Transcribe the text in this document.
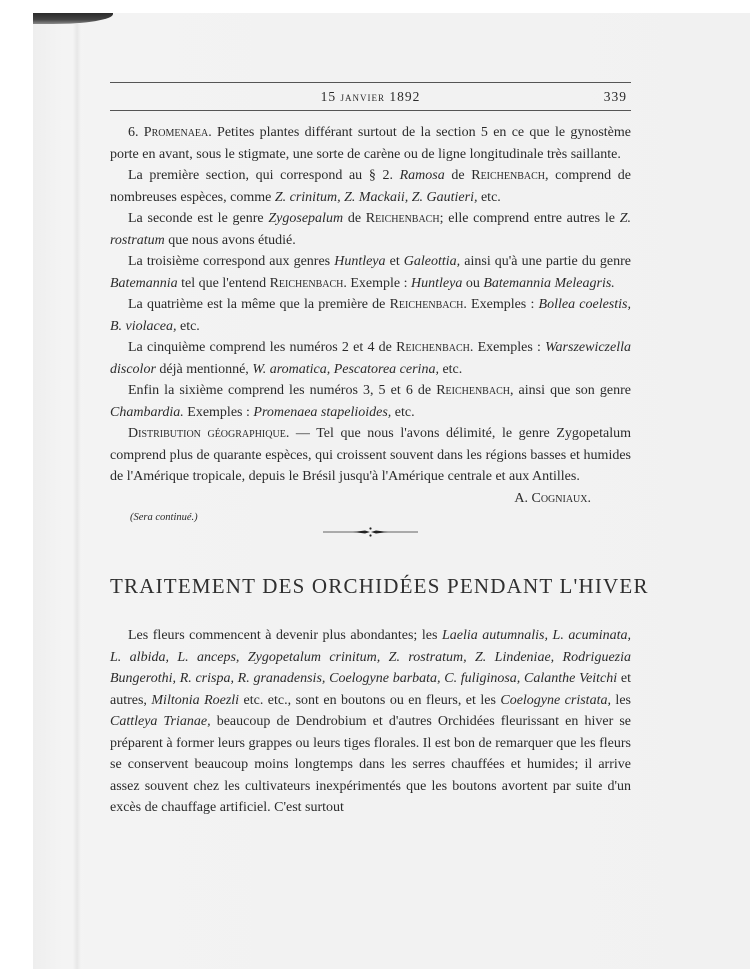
15 janvier 1892	339

6. Promenaea. Petites plantes différant surtout de la section 5 en ce que le gynostème porte en avant, sous le stigmate, une sorte de carène ou de ligne longitudinale très saillante.

La première section, qui correspond au § 2. Ramosa de Reichenbach, comprend de nombreuses espèces, comme Z. crinitum, Z. Mackaii, Z. Gautieri, etc.

La seconde est le genre Zygosepalum de Reichenbach; elle comprend entre autres le Z. rostratum que nous avons étudié.

La troisième correspond aux genres Huntleya et Galeottia, ainsi qu'à une partie du genre Batemannia tel que l'entend Reichenbach. Exemple : Huntleya ou Batemannia Meleagris.

La quatrième est la même que la première de Reichenbach. Exemples : Bollea coelestis, B. violacea, etc.

La cinquième comprend les numéros 2 et 4 de Reichenbach. Exemples : Warszewiczella discolor déjà mentionné, W. aromatica, Pescatorea cerina, etc.

Enfin la sixième comprend les numéros 3, 5 et 6 de Reichenbach, ainsi que son genre Chambardia. Exemples : Promenaea stapelioides, etc.

Distribution géographique. — Tel que nous l'avons délimité, le genre Zygopetalum comprend plus de quarante espèces, qui croissent souvent dans les régions basses et humides de l'Amérique tropicale, depuis le Brésil jusqu'à l'Amérique centrale et aux Antilles.

A. Cogniaux.

(Sera continué.)
TRAITEMENT DES ORCHIDÉES PENDANT L'HIVER

Les fleurs commencent à devenir plus abondantes; les Laelia autumnalis, L. acuminata, L. albida, L. anceps, Zygopetalum crinitum, Z. rostratum, Z. Lindeniae, Rodriguezia Bungerothi, R. crispa, R. granadensis, Coelogyne barbata, C. fuliginosa, Calanthe Veitchi et autres, Miltonia Roezli etc. etc., sont en boutons ou en fleurs, et les Coelogyne cristata, les Cattleya Trianae, beaucoup de Dendrobium et d'autres Orchidées fleurissant en hiver se préparent à former leurs grappes ou leurs tiges florales. Il est bon de remarquer que les fleurs se conservent beaucoup moins longtemps dans les serres chauffées et humides; il arrive assez souvent chez les cultivateurs inexpérimentés que les boutons avortent par suite d'un excès de chauffage artificiel. C'est surtout
